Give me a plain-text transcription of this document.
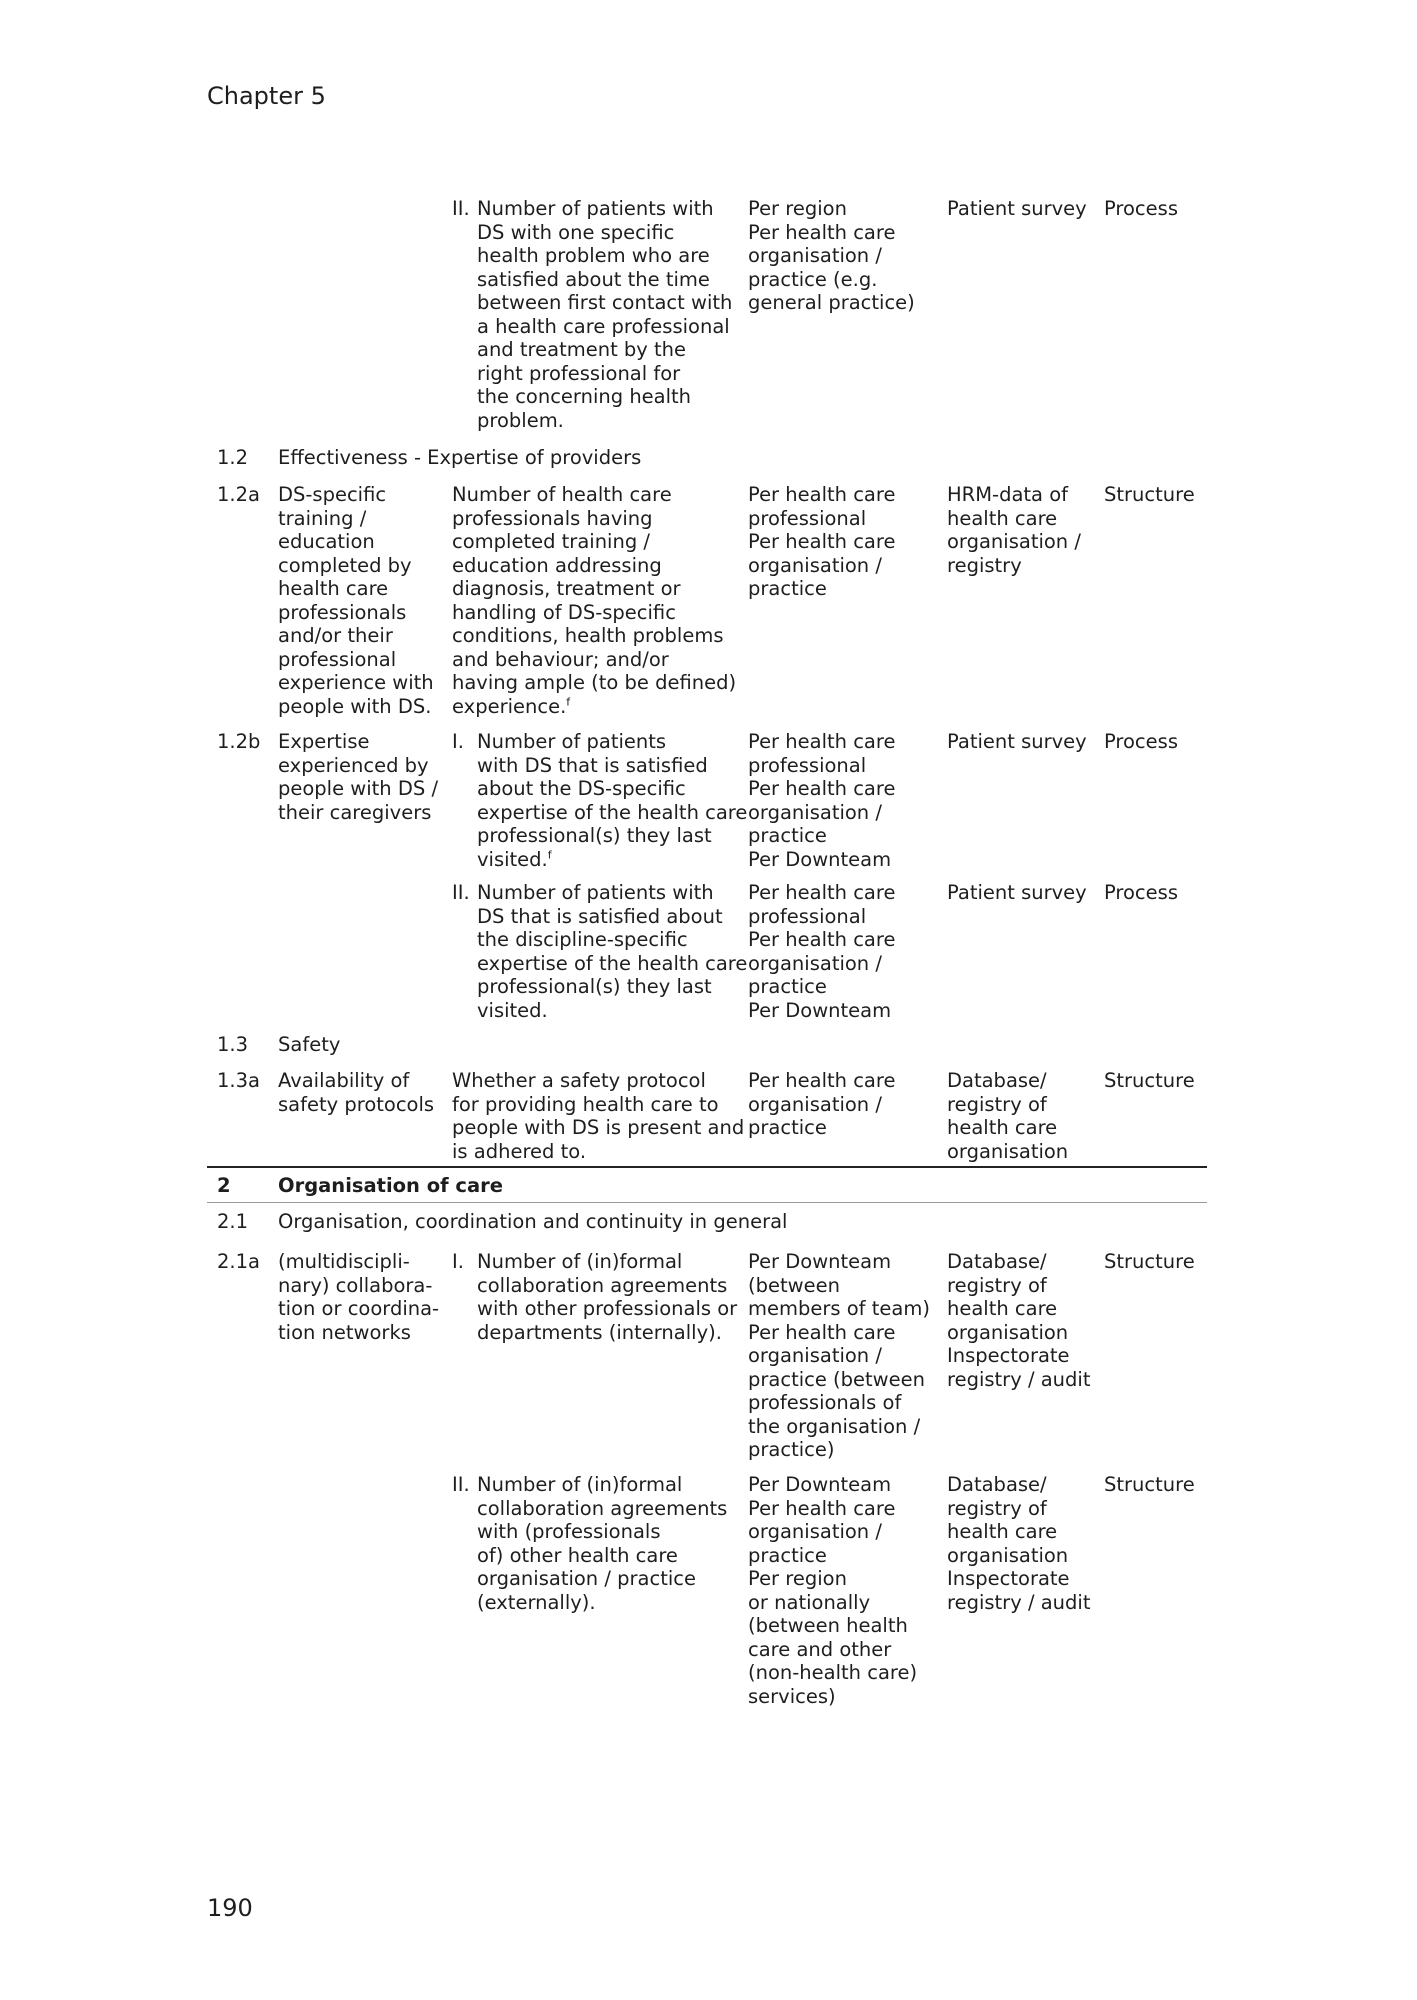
Chapter 5
II. Number of patients with
DS with one specific
health problem who are
satisfied about the time
between first contact with
a health care professional
and treatment by the
right professional for
the concerning health
problem.
Per region
Per health care
organisation /
practice (e.g.
general practice)
Patient survey Process
1.2 Effectiveness - Expertise of providers
1.2a DS-specific
training /
education
completed by
health care
professionals
and/or their
professional
experience with
people with DS.
Number of health care
professionals having
completed training /
education addressing
diagnosis, treatment or
handling of DS-specific
conditions, health problems
and behaviour; and/or
having ample (to be defined)
experience.$^f$
Per health care
professional
Per health care
organisation /
practice
HRM-data of
health care
organisation /
registry
Structure
1.2b Expertise
experienced by
people with DS /
their caregivers
I. Number of patients
with DS that is satisfied
about the DS-specific
expertise of the health care
professional(s) they last
visited.$^f$
Per health care
professional
Per health care
organisation /
practice
Per Downteam
Patient survey Process
II. Number of patients with
DS that is satisfied about
the discipline-specific
expertise of the health care
professional(s) they last
visited.
Per health care
professional
Per health care
organisation /
practice
Per Downteam
Patient survey Process
1.3 Safety
1.3a Availability of
safety protocols
Whether a safety protocol
for providing health care to
people with DS is present and
is adhered to.
Per health care
organisation /
practice
Database/
registry of
health care
organisation
Structure
2 Organisation of care
2.1 Organisation, coordination and continuity in general
2.1a (multidiscipli-
nary) collabora-
tion or coordina-
tion networks
I. Number of (in)formal
collaboration agreements
with other professionals or
departments (internally).
Per Downteam
(between
members of team)
Per health care
organisation /
practice (between
professionals of
the organisation /
practice)
Database/
registry of
health care
organisation
Inspectorate
registry / audit
Structure
II. Number of (in)formal
collaboration agreements
with (professionals
of) other health care
organisation / practice
(externally).
Per Downteam
Per health care
organisation /
practice
Per region
or nationally
(between health
care and other
(non-health care)
services)
Database/
registry of
health care
organisation
Inspectorate
registry / audit
Structure
190
